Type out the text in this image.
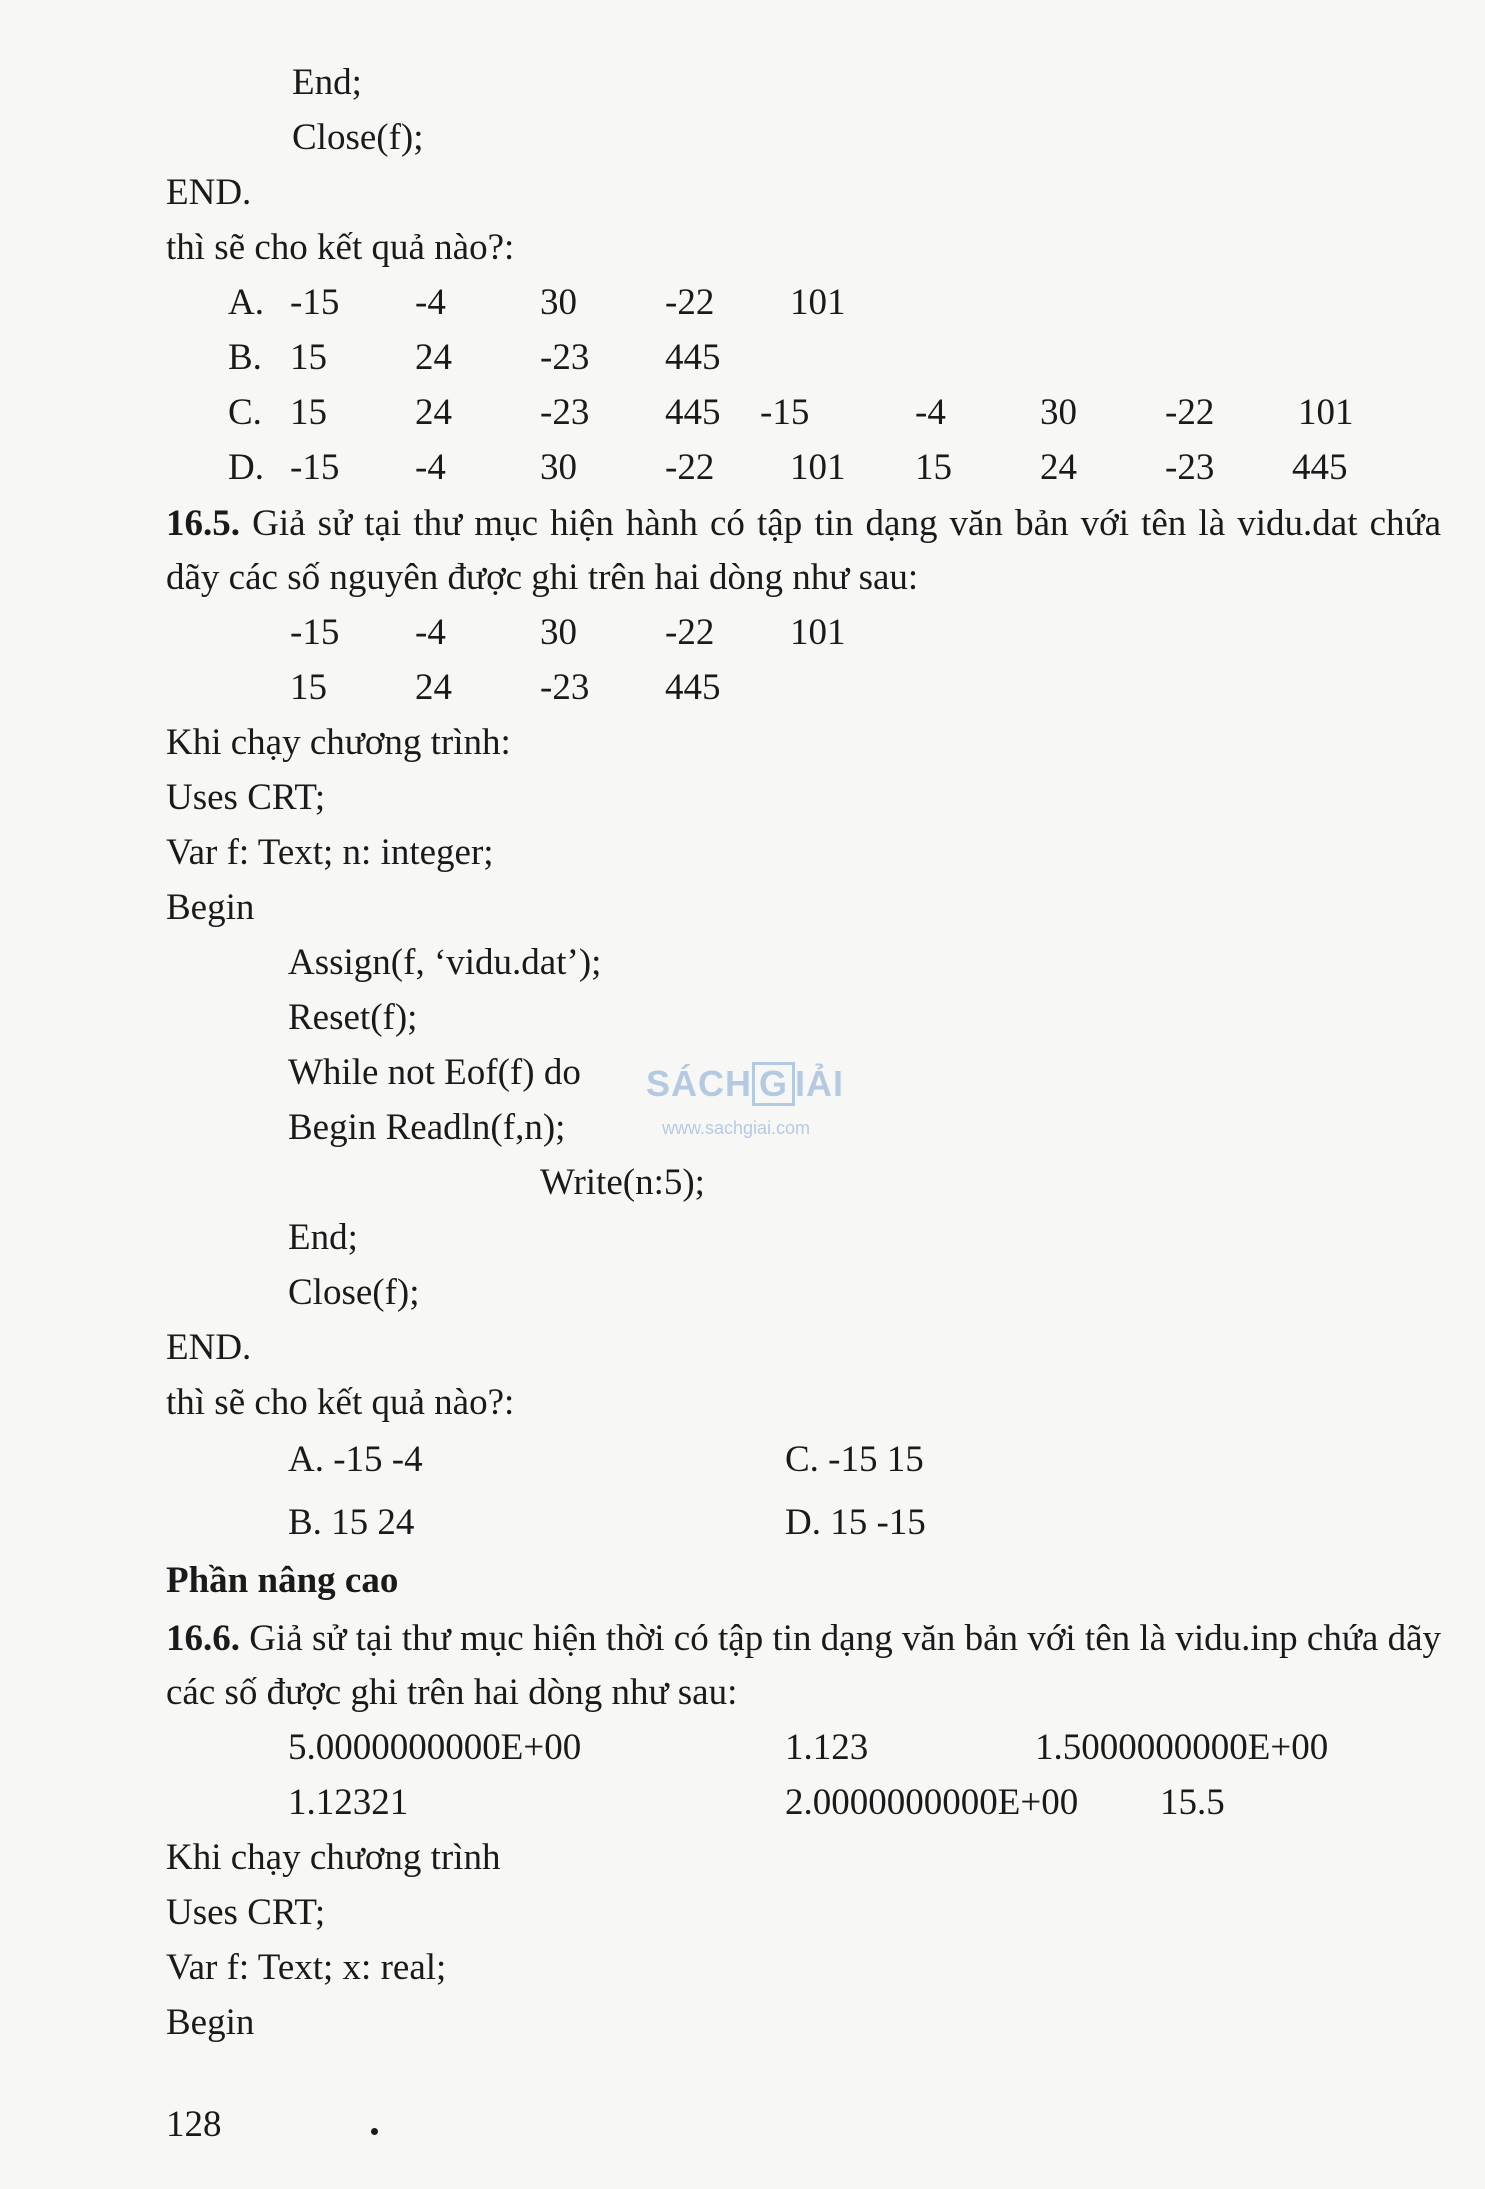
End;
Close(f);
END.
thì sẽ cho kết quả nào?:
A. -15 -4	30 -22 101
B. 15 24 -23 445
C. 15 24 -23 445 -15	-4	30 -22 101
D. -15 -4	30 -22 101 15 24 -23 445
16.5. Giả sử tại thư mục hiện hành có tập tin dạng văn bản với tên là vidu.dat chứa dãy các số nguyên được ghi trên hai dòng như sau:
-15 -4	30 -22 101
15 24 -23 445
Khi chạy chương trình:
Uses CRT;
Var f: Text; n: integer;
Begin
Assign(f, ‘vidu.dat’);
Reset(f);
While not Eof(f) do
Begin Readln(f,n);
Write(n:5);
End;
Close(f);
END.
thì sẽ cho kết quả nào?:
A. -15 -4	C. -15 15
B. 15 24	D. 15 -15
Phần nâng cao
16.6. Giả sử tại thư mục hiện thời có tập tin dạng văn bản với tên là vidu.inp chứa dãy các số được ghi trên hai dòng như sau:
5.0000000000E+00	1.123	1.5000000000E+00
1.12321	2.0000000000E+00 15.5
Khi chạy chương trình
Uses CRT;
Var f: Text; x: real;
Begin
SÁCH G IẢI
www.sachgiai.com
128
